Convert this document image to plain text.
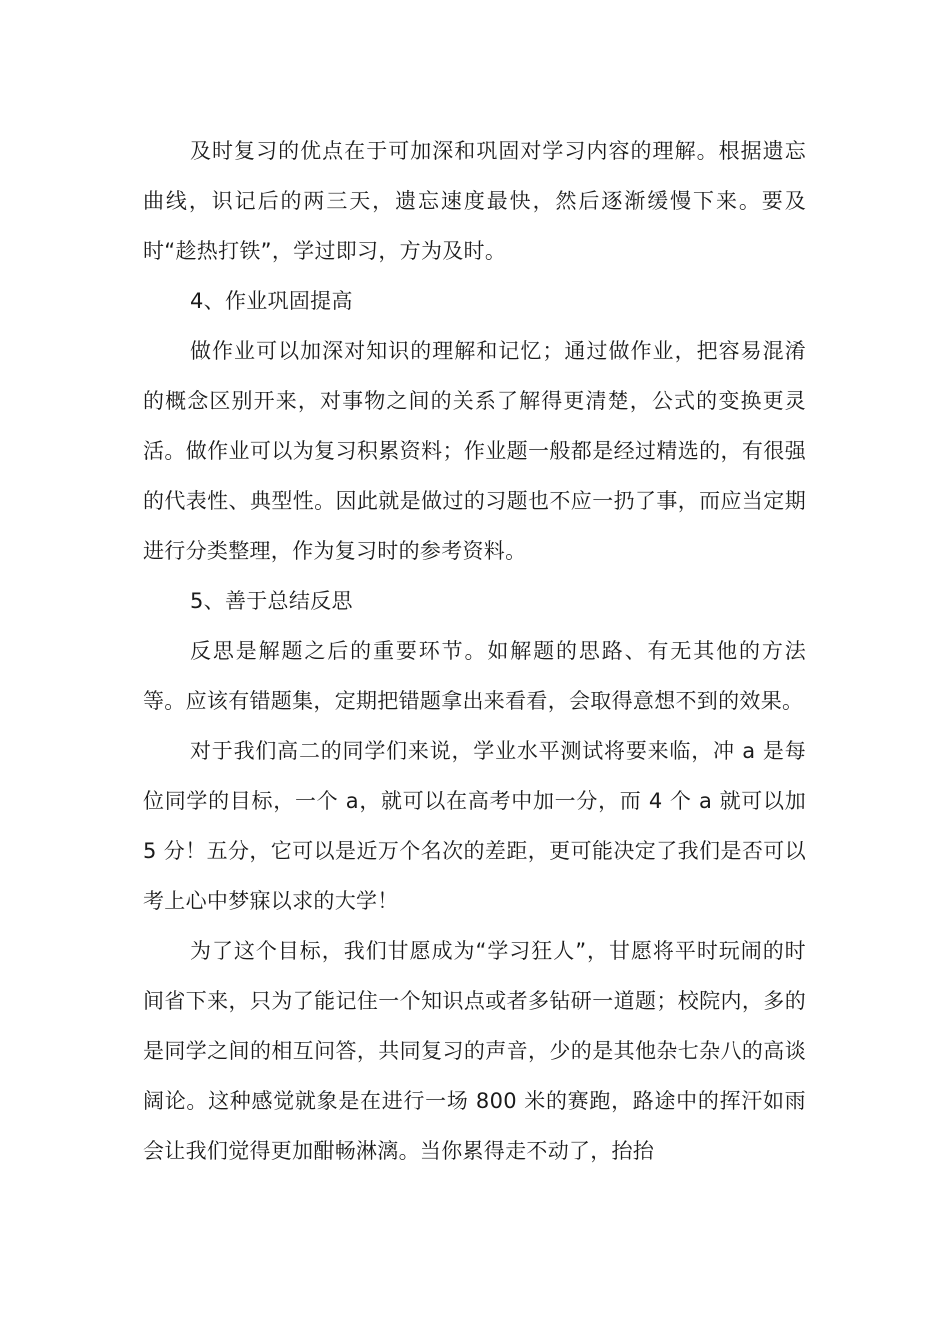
及时复习的优点在于可加深和巩固对学习内容的理解。根据遗忘曲线，识记后的两三天，遗忘速度最快，然后逐渐缓慢下来。要及时“趁热打铁”，学过即习，方为及时。

4、作业巩固提高

做作业可以加深对知识的理解和记忆；通过做作业，把容易混淆的概念区别开来，对事物之间的关系了解得更清楚，公式的变换更灵活。做作业可以为复习积累资料；作业题一般都是经过精选的，有很强的代表性、典型性。因此就是做过的习题也不应一扔了事，而应当定期进行分类整理，作为复习时的参考资料。

5、善于总结反思

反思是解题之后的重要环节。如解题的思路、有无其他的方法等。应该有错题集，定期把错题拿出来看看，会取得意想不到的效果。

对于我们高二的同学们来说，学业水平测试将要来临，冲 a 是每位同学的目标，一个 a，就可以在高考中加一分，而 4 个 a 就可以加 5 分！五分，它可以是近万个名次的差距，更可能决定了我们是否可以考上心中梦寐以求的大学！

为了这个目标，我们甘愿成为“学习狂人”，甘愿将平时玩闹的时间省下来，只为了能记住一个知识点或者多钻研一道题；校院内，多的是同学之间的相互问答，共同复习的声音，少的是其他杂七杂八的高谈阔论。这种感觉就象是在进行一场 800 米的赛跑，路途中的挥汗如雨会让我们觉得更加酣畅淋漓。当你累得走不动了，抬抬
